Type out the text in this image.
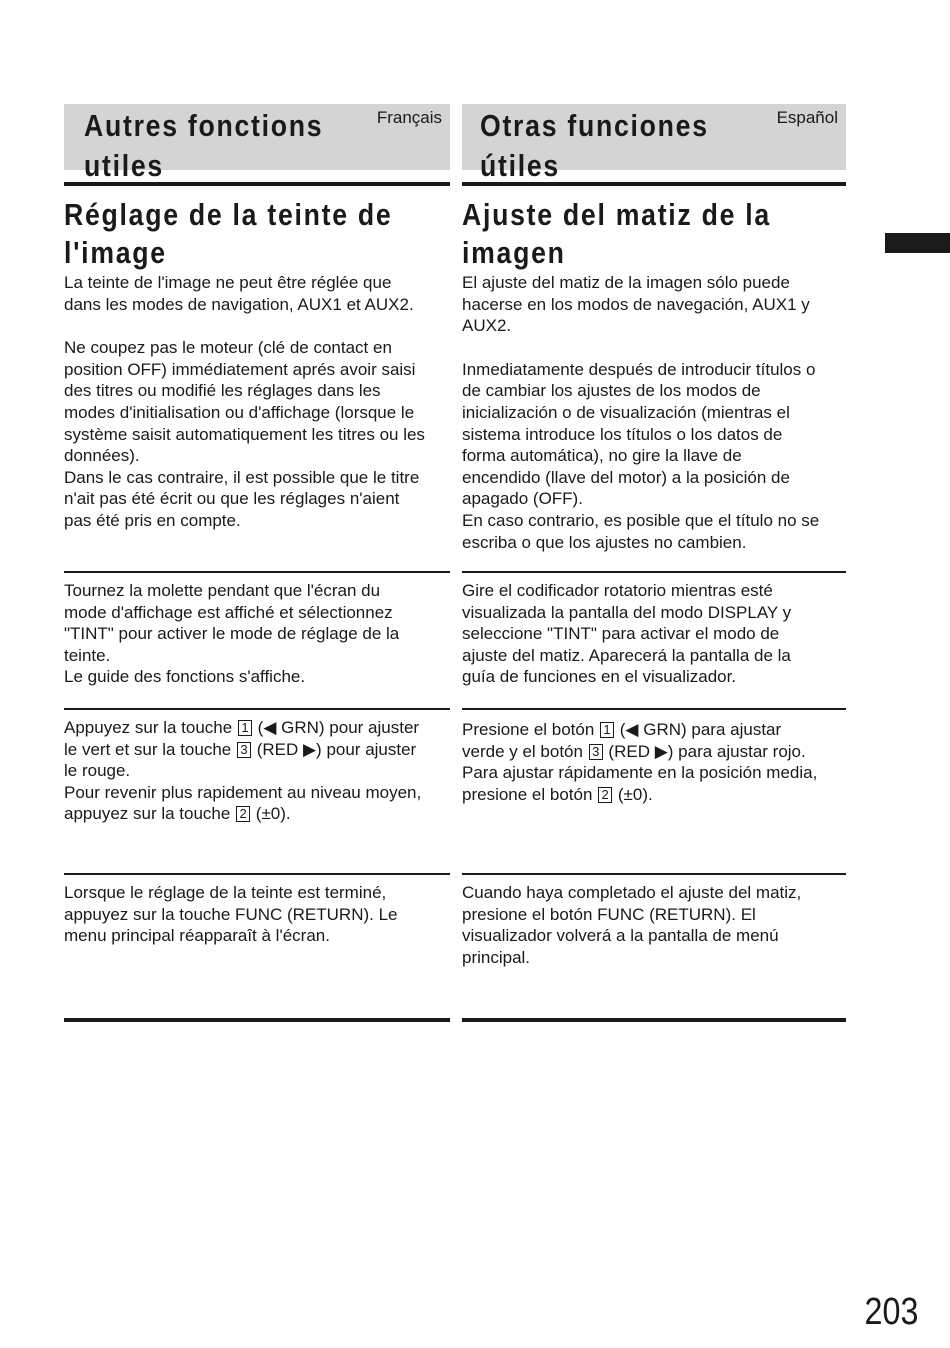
Autres fonctions
utiles
Français
Réglage de la teinte de
l'image
La teinte de l'image ne peut être réglée que
dans les modes de navigation, AUX1 et AUX2.
Ne coupez pas le moteur (clé de contact en
position OFF) immédiatement aprés avoir saisi
des titres ou modifié les réglages dans les
modes d'initialisation ou d'affichage (lorsque le
système saisit automatiquement les titres ou les
données).
Dans le cas contraire, il est possible que le titre
n'ait pas été écrit ou que les réglages n'aient
pas été pris en compte.
Tournez la molette pendant que l'écran du
mode d'affichage est affiché et sélectionnez
"TINT" pour activer le mode de réglage de la
teinte.
Le guide des fonctions s'affiche.
Appuyez sur la touche 1 (◀ GRN) pour ajuster
le vert et sur la touche 3 (RED ▶) pour ajuster
le rouge.
Pour revenir plus rapidement au niveau moyen,
appuyez sur la touche 2 (±0).
Lorsque le réglage de la teinte est terminé,
appuyez sur la touche FUNC (RETURN). Le
menu principal réapparaît à l'écran.
Otras funciones
útiles
Español
Ajuste del matiz de la
imagen
El ajuste del matiz de la imagen sólo puede
hacerse en los modos de navegación, AUX1 y
AUX2.
Inmediatamente después de introducir títulos o
de cambiar los ajustes de los modos de
inicialización o de visualización (mientras el
sistema introduce los títulos o los datos de
forma automática), no gire la llave de
encendido (llave del motor) a la posición de
apagado (OFF).
En caso contrario, es posible que el título no se
escriba o que los ajustes no cambien.
Gire el codificador rotatorio mientras esté
visualizada la pantalla del modo DISPLAY y
seleccione "TINT" para activar el modo de
ajuste del matiz. Aparecerá la pantalla de la
guía de funciones en el visualizador.
Presione el botón 1 (◀ GRN) para ajustar
verde y el botón 3 (RED ▶) para ajustar rojo.
Para ajustar rápidamente en la posición media,
presione el botón 2 (±0).
Cuando haya completado el ajuste del matiz,
presione el botón FUNC (RETURN). El
visualizador volverá a la pantalla de menú
principal.
203
